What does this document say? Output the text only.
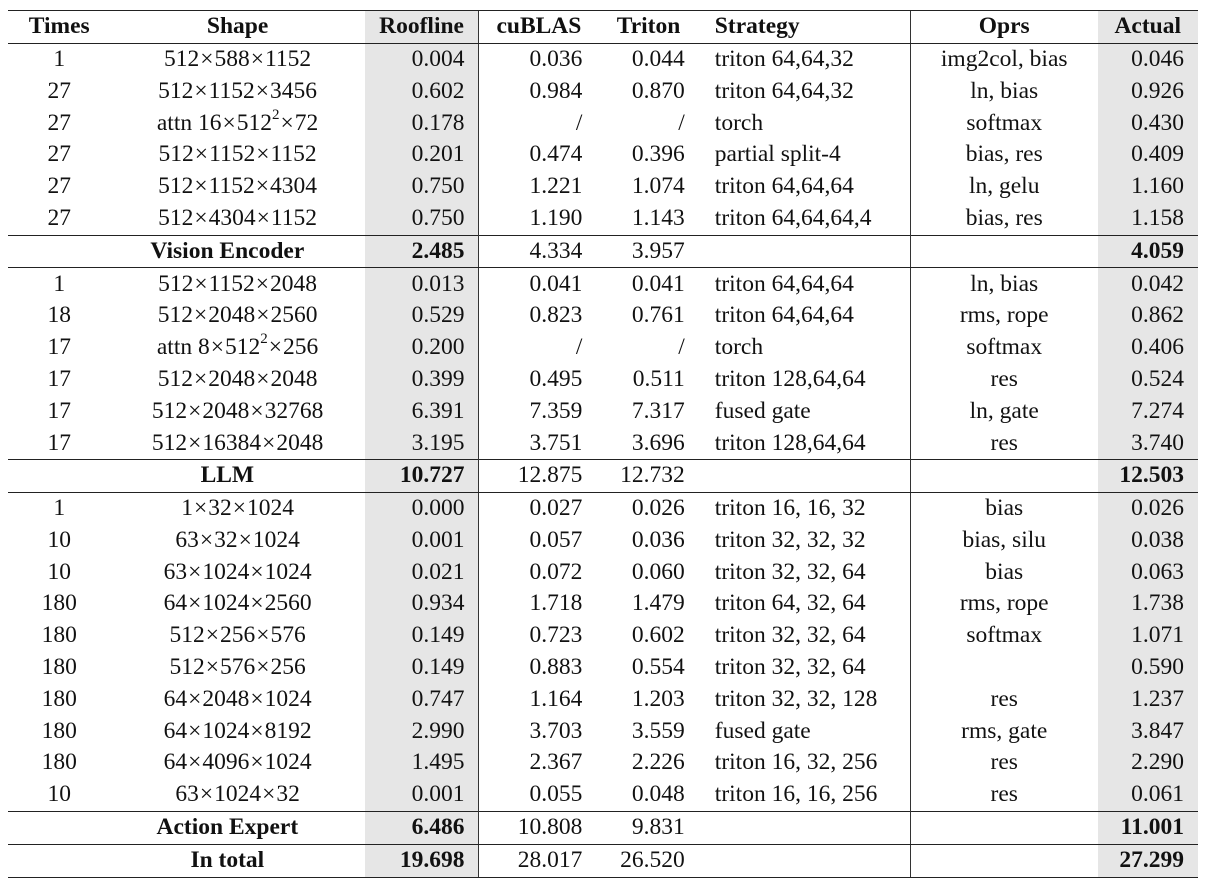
Times	Shape	Roofline	cuBLAS	Triton	Strategy	Oprs	Actual
1	512×588×1152	0.004	0.036	0.044	triton 64,64,32	img2col, bias	0.046
27	512×1152×3456	0.602	0.984	0.870	triton 64,64,32	ln, bias	0.926
27	attn $16\times 512^2\times 72$	0.178	/	/	torch	softmax	0.430
27	512×1152×1152	0.201	0.474	0.396	partial split-4	bias, res	0.409
27	512×1152×4304	0.750	1.221	1.074	triton 64,64,64	ln, gelu	1.160
27	512×4304×1152	0.750	1.190	1.143	triton 64,64,64,4	bias, res	1.158
Vision Encoder		2.485	4.334	3.957			4.059
1	512×1152×2048	0.013	0.041	0.041	triton 64,64,64	ln, bias	0.042
18	512×2048×2560	0.529	0.823	0.761	triton 64,64,64	rms, rope	0.862
17	attn $8\times 512^2\times 256$	0.200	/	/	torch	softmax	0.406
17	512×2048×2048	0.399	0.495	0.511	triton 128,64,64	res	0.524
17	512×2048×32768	6.391	7.359	7.317	fused gate	ln, gate	7.274
17	512×16384×2048	3.195	3.751	3.696	triton 128,64,64	res	3.740
LLM		10.727	12.875	12.732			12.503
1	1×32×1024	0.000	0.027	0.026	triton 16, 16, 32	bias	0.026
10	63×32×1024	0.001	0.057	0.036	triton 32, 32, 32	bias, silu	0.038
10	63×1024×1024	0.021	0.072	0.060	triton 32, 32, 64	bias	0.063
180	64×1024×2560	0.934	1.718	1.479	triton 64, 32, 64	rms, rope	1.738
180	512×256×576	0.149	0.723	0.602	triton 32, 32, 64	softmax	1.071
180	512×576×256	0.149	0.883	0.554	triton 32, 32, 64		0.590
180	64×2048×1024	0.747	1.164	1.203	triton 32, 32, 128	res	1.237
180	64×1024×8192	2.990	3.703	3.559	fused gate	rms, gate	3.847
180	64×4096×1024	1.495	2.367	2.226	triton 16, 32, 256	res	2.290
10	63×1024×32	0.001	0.055	0.048	triton 16, 16, 256	res	0.061
Action Expert		6.486	10.808	9.831			11.001
In total		19.698	28.017	26.520			27.299
